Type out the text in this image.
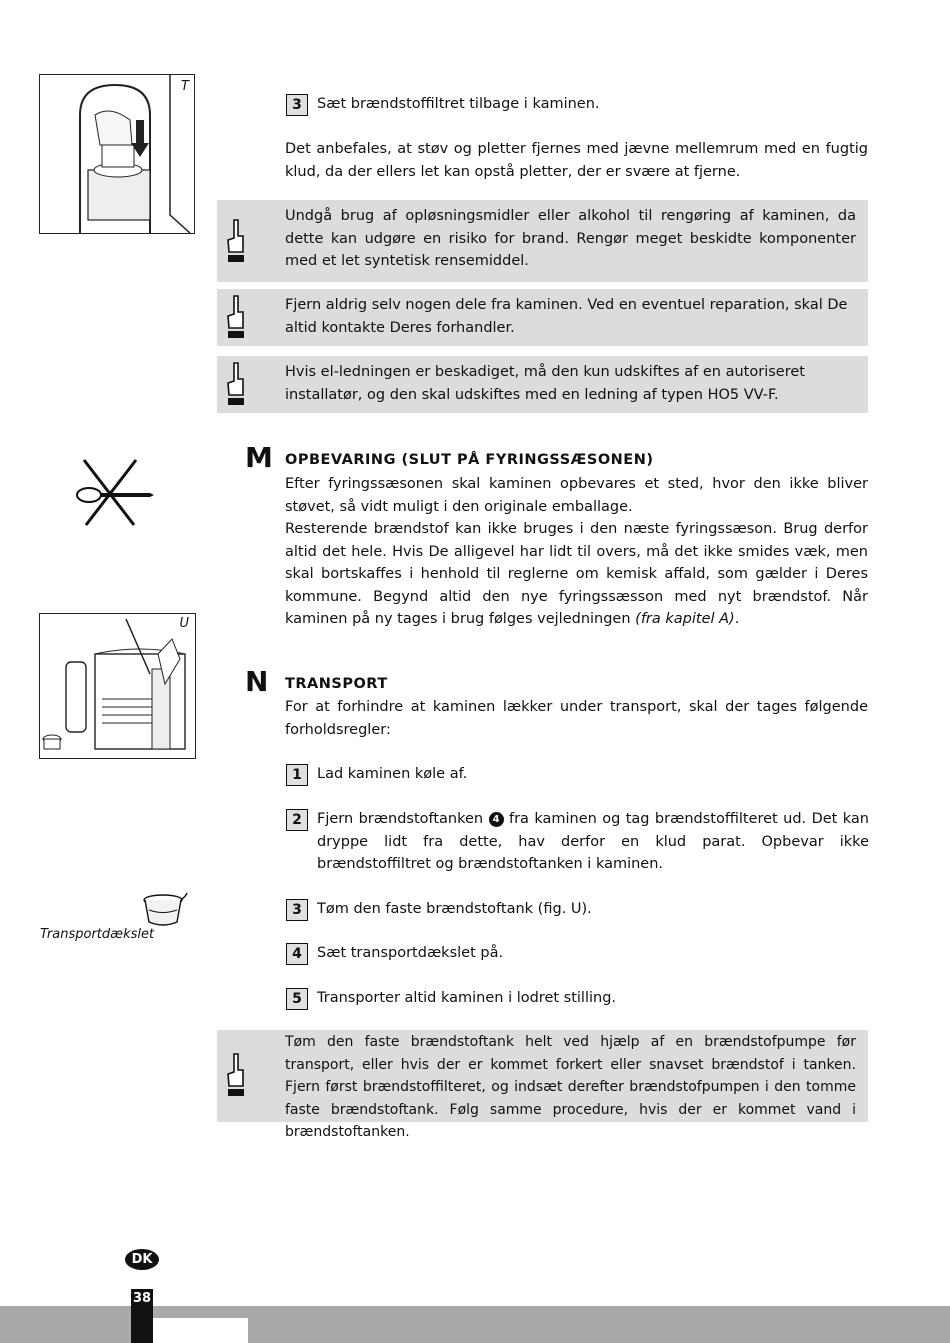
T
3	Sæt brændstoffiltret tilbage i kaminen.

Det anbefales, at støv og pletter fjernes med jævne mellemrum med en fugtig klud, da der ellers let kan opstå pletter, der er svære at fjerne.

Undgå brug af opløsningsmidler eller alkohol til rengøring af kaminen, da dette kan udgøre en risiko for brand. Rengør meget beskidte komponenter med et let syntetisk rensemiddel.
Fjern aldrig selv nogen dele fra kaminen. Ved en eventuel reparation, skal De altid kontakte Deres forhandler.
Hvis el-ledningen er beskadiget, må den kun udskiftes af en autoriseret installatør, og den skal udskiftes med en ledning af typen HO5 VV-F.
M OPBEVARING (SLUT PÅ FYRINGSSÆSONEN)

Efter fyringssæsonen skal kaminen opbevares et sted, hvor den ikke bliver støvet, så vidt muligt i den originale emballage.

Resterende brændstof kan ikke bruges i den næste fyringssæson. Brug derfor altid det hele. Hvis De alligevel har lidt til overs, må det ikke smides væk, men skal bortskaffes i henhold til reglerne om kemisk affald, som gælder i Deres kommune. Begynd altid den nye fyringssæsson med nyt brændstof. Når kaminen på ny tages i brug følges vejledningen (fra kapitel A).

U
N TRANSPORT

For at forhindre at kaminen lækker under transport, skal der tages følgende forholdsregler:

1	Lad kaminen køle af.
2	Fjern brændstoftanken 4 fra kaminen og tag brændstoffilteret ud. Det kan dryppe lidt fra dette, hav derfor en klud parat. Opbevar ikke brændstoffiltret og brændstoftanken i kaminen.
3	Tøm den faste brændstoftank (fig. U).
4	Sæt transportdækslet på.
5	Transporter altid kaminen i lodret stilling.
Transportdækslet
Tøm den faste brændstoftank helt ved hjælp af en brændstofpumpe før transport, eller hvis der er kommet forkert eller snavset brændstof i tanken. Fjern først brændstoffilteret, og indsæt derefter brændstofpumpen i den tomme faste brændstoftank. Følg samme procedure, hvis der er kommet vand i brændstoftanken.
DK
38
